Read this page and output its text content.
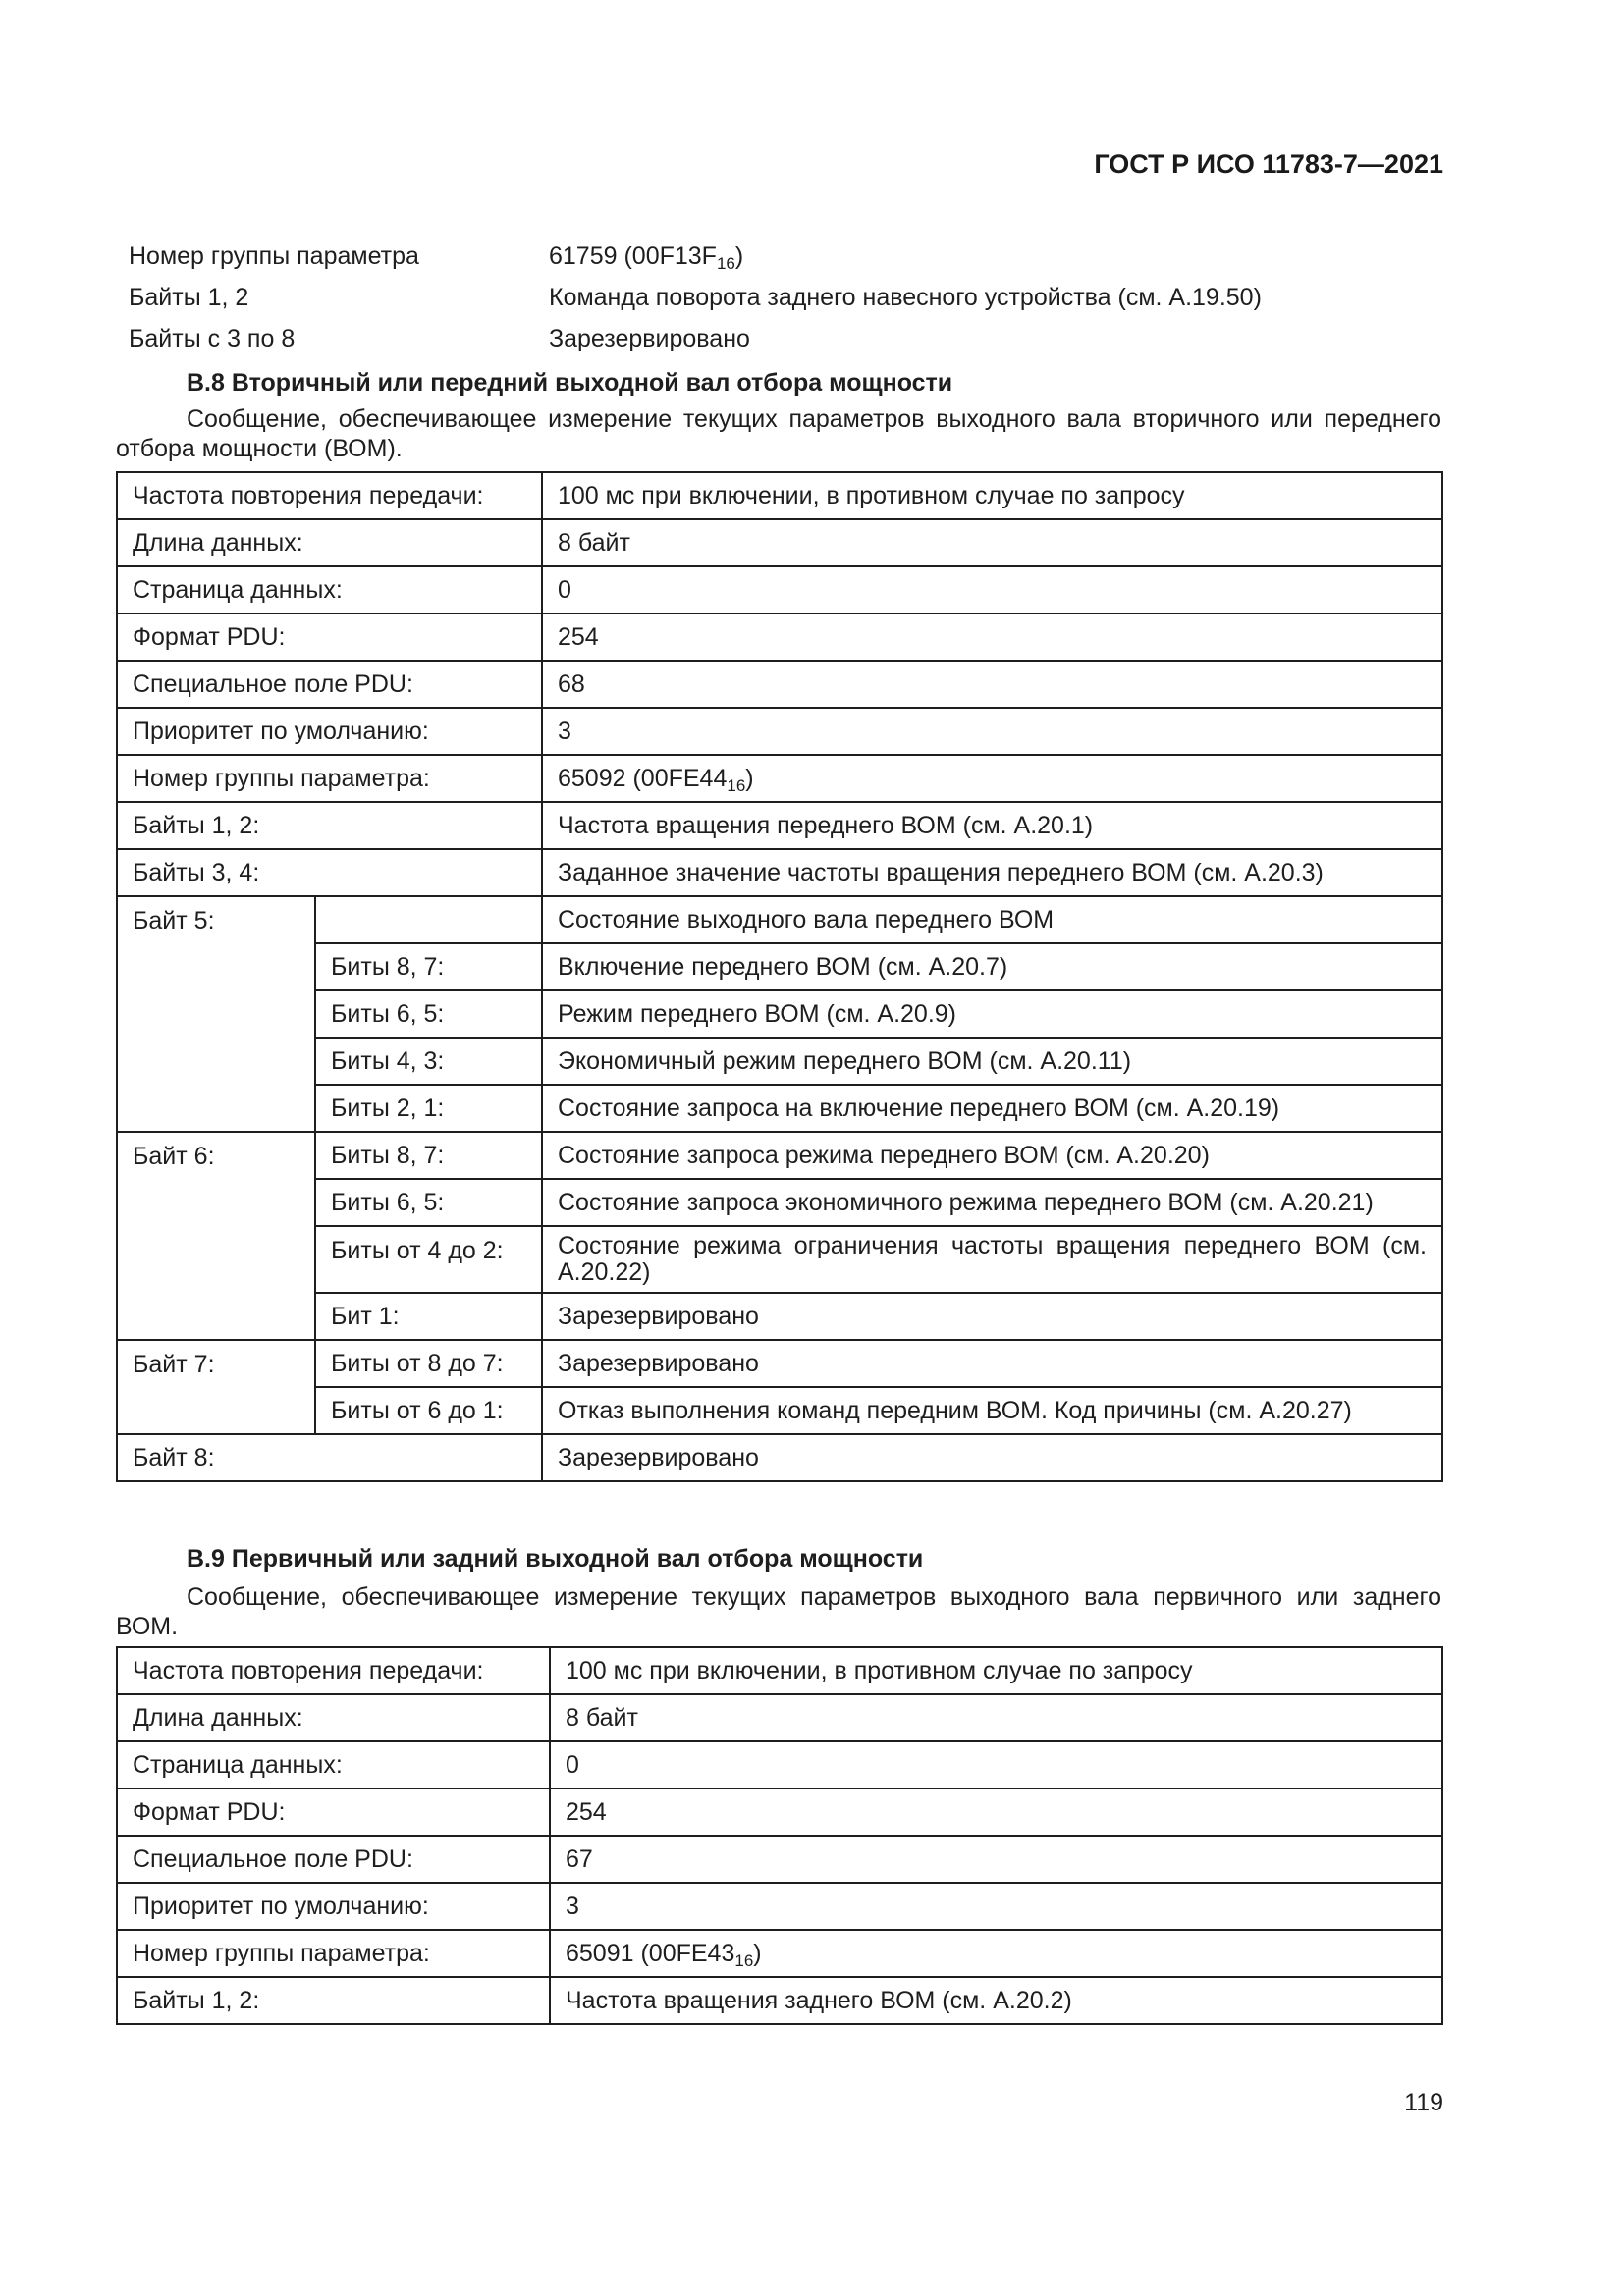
ГОСТ Р ИСО 11783-7—2021
Номер группы параметра	61759 $(00F13F_{16})$
Байты 1, 2	Команда поворота заднего навесного устройства (см. А.19.50)
Байты с 3 по 8	Зарезервировано
В.8 Вторичный или передний выходной вал отбора мощности
Сообщение, обеспечивающее измерение текущих параметров выходного вала вторичного или переднего отбора мощности (ВОМ).
Частота повторения передачи:		100 мс при включении, в противном случае по запросу
Длина данных:		8 байт
Страница данных:		0
Формат PDU:		254
Специальное поле PDU:		68
Приоритет по умолчанию:		3
Номер группы параметра:		65092 $(00FE44_{16})$
Байты 1, 2:		Частота вращения переднего ВОМ (см. А.20.1)
Байты 3, 4:		Заданное значение частоты вращения переднего ВОМ (см. А.20.3)
Байт 5:		Состояние выходного вала переднего ВОМ
	Биты 8, 7:	Включение переднего ВОМ (см. А.20.7)
	Биты 6, 5:	Режим переднего ВОМ (см. А.20.9)
	Биты 4, 3:	Экономичный режим переднего ВОМ (см. А.20.11)
	Биты 2, 1:	Состояние запроса на включение переднего ВОМ (см. А.20.19)
Байт 6:	Биты 8, 7:	Состояние запроса режима переднего ВОМ (см. А.20.20)
	Биты 6, 5:	Состояние запроса экономичного режима переднего ВОМ (см. А.20.21)
	Биты от 4 до 2:	Состояние режима ограничения частоты вращения переднего ВОМ (см. А.20.22)
	Бит 1:	Зарезервировано
Байт 7:	Биты от 8 до 7:	Зарезервировано
	Биты от 6 до 1:	Отказ выполнения команд передним ВОМ. Код причины (см. А.20.27)
Байт 8:		Зарезервировано
В.9 Первичный или задний выходной вал отбора мощности
Сообщение, обеспечивающее измерение текущих параметров выходного вала первичного или заднего ВОМ.
Частота повторения передачи:	100 мс при включении, в противном случае по запросу
Длина данных:	8 байт
Страница данных:	0
Формат PDU:	254
Специальное поле PDU:	67
Приоритет по умолчанию:	3
Номер группы параметра:	65091 $(00FE43_{16})$
Байты 1, 2:	Частота вращения заднего ВОМ (см. А.20.2)
119
